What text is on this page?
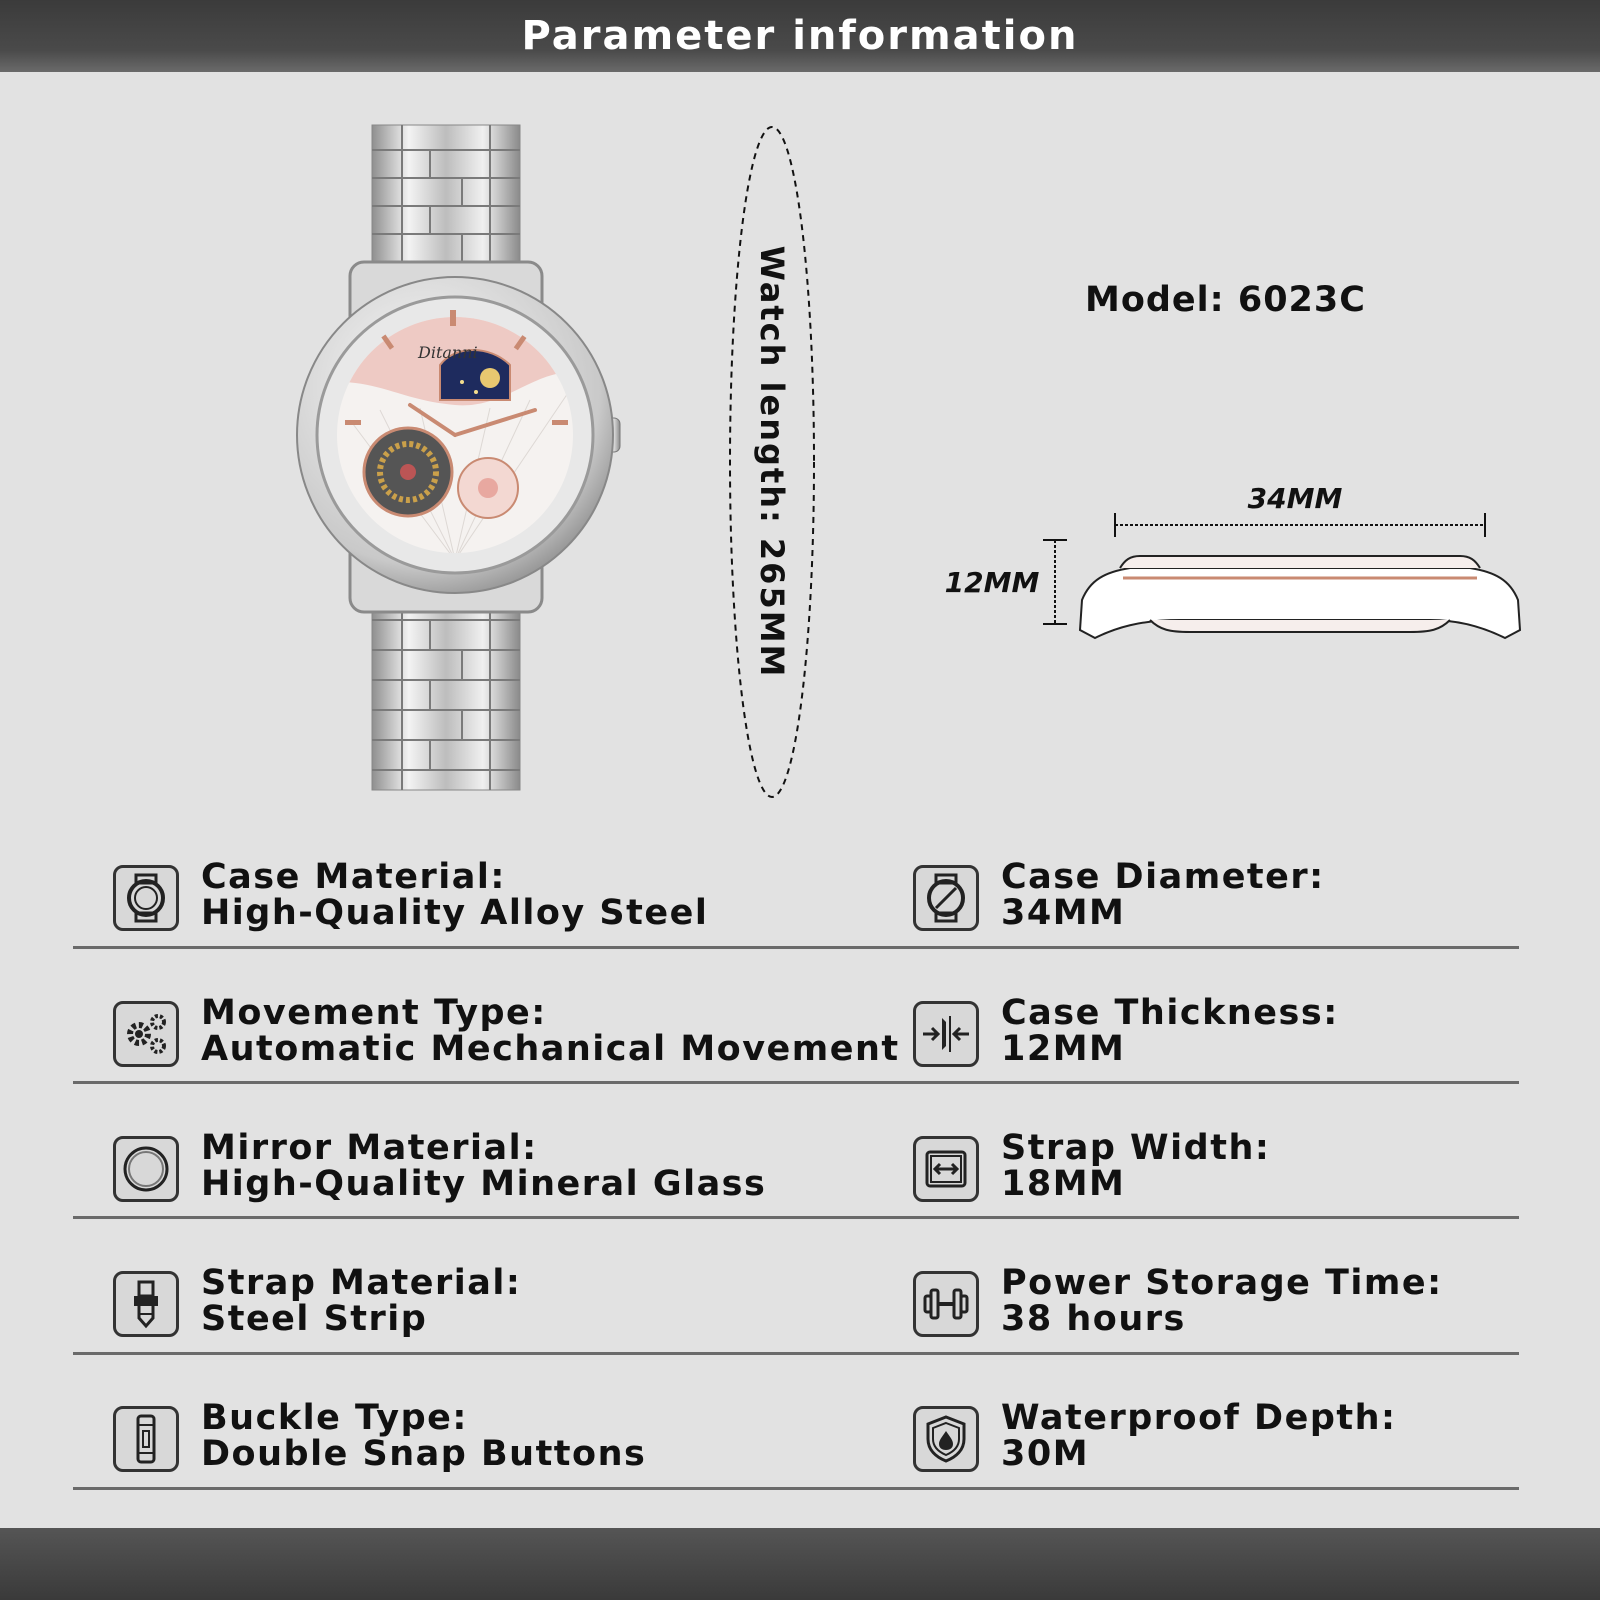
Parameter information
Ditanni	Watch length: 265MM	Model: 6023C
34MM
12MM
Case Material:
High-Quality Alloy Steel
Movement Type:
Automatic Mechanical Movement
Mirror Material:
High-Quality Mineral Glass
Strap Material:
Steel Strip
Buckle Type:
Double Snap Buttons
Case Diameter:
34MM
Case Thickness:
12MM
Strap Width:
18MM
Power Storage Time:
38 hours
Waterproof Depth:
30M
